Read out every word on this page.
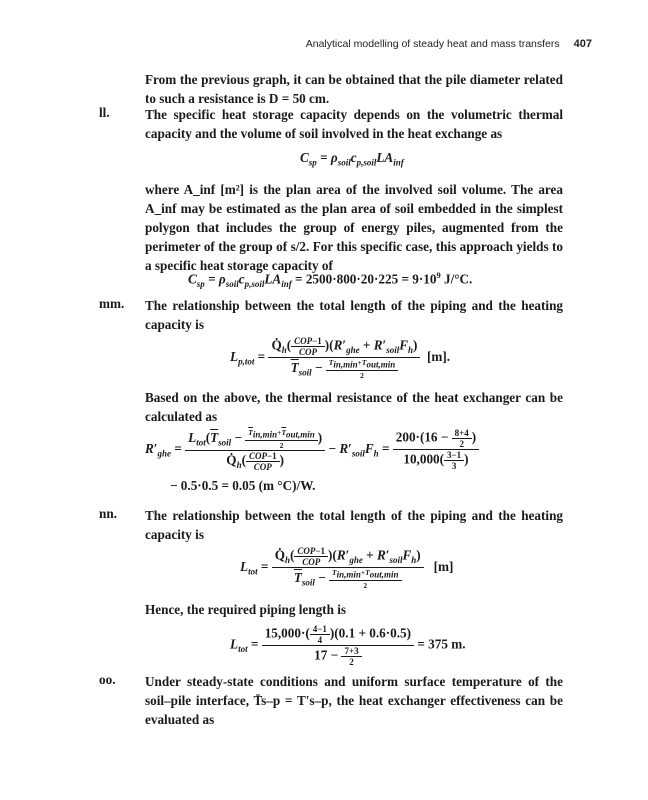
Analytical modelling of steady heat and mass transfers 407
From the previous graph, it can be obtained that the pile diameter related to such a resistance is D = 50 cm.
ll.	The specific heat storage capacity depends on the volumetric thermal capacity and the volume of soil involved in the heat exchange as
$C_{sp} = \rho_{soil}c_{p,soil}LA_{inf}$
where A_inf [m²] is the plan area of the involved soil volume. The area A_inf may be estimated as the plan area of soil embedded in the simplest polygon that includes the group of energy piles, augmented from the perimeter of the group of s/2. For this specific case, this approach yields to a specific heat storage capacity of
$C_{sp} = \rho_{soil}c_{p,soil}LA_{inf} = 2500\cdot 800\cdot 20\cdot 225 = 9\cdot 10^9$ J/°C.
mm. The relationship between the total length of the piping and the heating capacity is
$L_{p,tot} = \frac{Q̇_h( \frac{\text{COP−1}}{\text{COP}} )(R'_{ghe} + R'_{soil}F_h)}{\overline{T}_{soil} - \frac{\overline{T}_{in,min}+\overline{T}_{out,min}}{2}} [m]$.
Based on the above, the thermal resistance of the heat exchanger can be calculated as
$R'_{ghe} = \frac{L_{tot}(\overline{T}_{soil} - \frac{\overline{T}_{in,min}+\overline{T}_{out,min}}{2} )}{Q̇_h( \frac{\text{COP−1}}{\text{COP}} )} - R'_{soil}F_h = \frac{200\cdot(16 - \frac{8+4}{2} )}{10,000( \frac{3-1}{3} )}$
− 0.5·0.5 = 0.05 (m °C)/W.
nn. The relationship between the total length of the piping and the heating capacity is
$L_{tot} = \frac{Q̇_h( \frac{\text{COP−1}}{\text{COP}} )(R'_{ghe} + R'_{soil}F_h)}{\overline{T}_{soil} - \frac{\overline{T}_{in,min}+\overline{T}_{out,min}}{2}} [m]$
Hence, the required piping length is
$L_{tot} = \frac{15,000\cdot( \frac{4-1}{4} )(0.1 + 0.6\cdot 0.5)}{17 - \frac{7+3}{2}} = 375$ m.
oo. Under steady-state conditions and uniform surface temperature of the soil–pile interface, T̄s–p = T's–p, the heat exchanger effectiveness can be evaluated as
